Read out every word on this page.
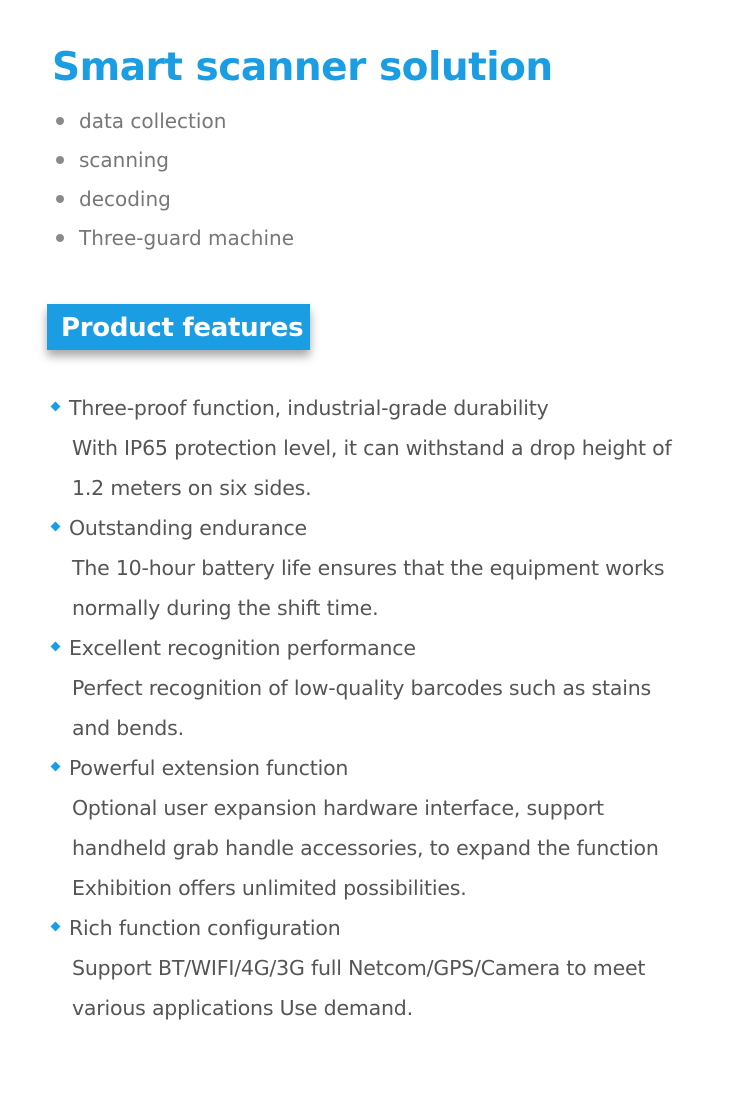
Smart scanner solution
data collection
scanning
decoding
Three-guard machine
Product features
Three-proof function, industrial-grade durability
With IP65 protection level, it can withstand a drop height of
1.2 meters on six sides.
Outstanding endurance
The 10-hour battery life ensures that the equipment works
normally during the shift time.
Excellent recognition performance
Perfect recognition of low-quality barcodes such as stains
and bends.
Powerful extension function
Optional user expansion hardware interface, support
handheld grab handle accessories, to expand the function
Exhibition offers unlimited possibilities.
Rich function configuration
Support BT/WIFI/4G/3G full Netcom/GPS/Camera to meet
various applications Use demand.
